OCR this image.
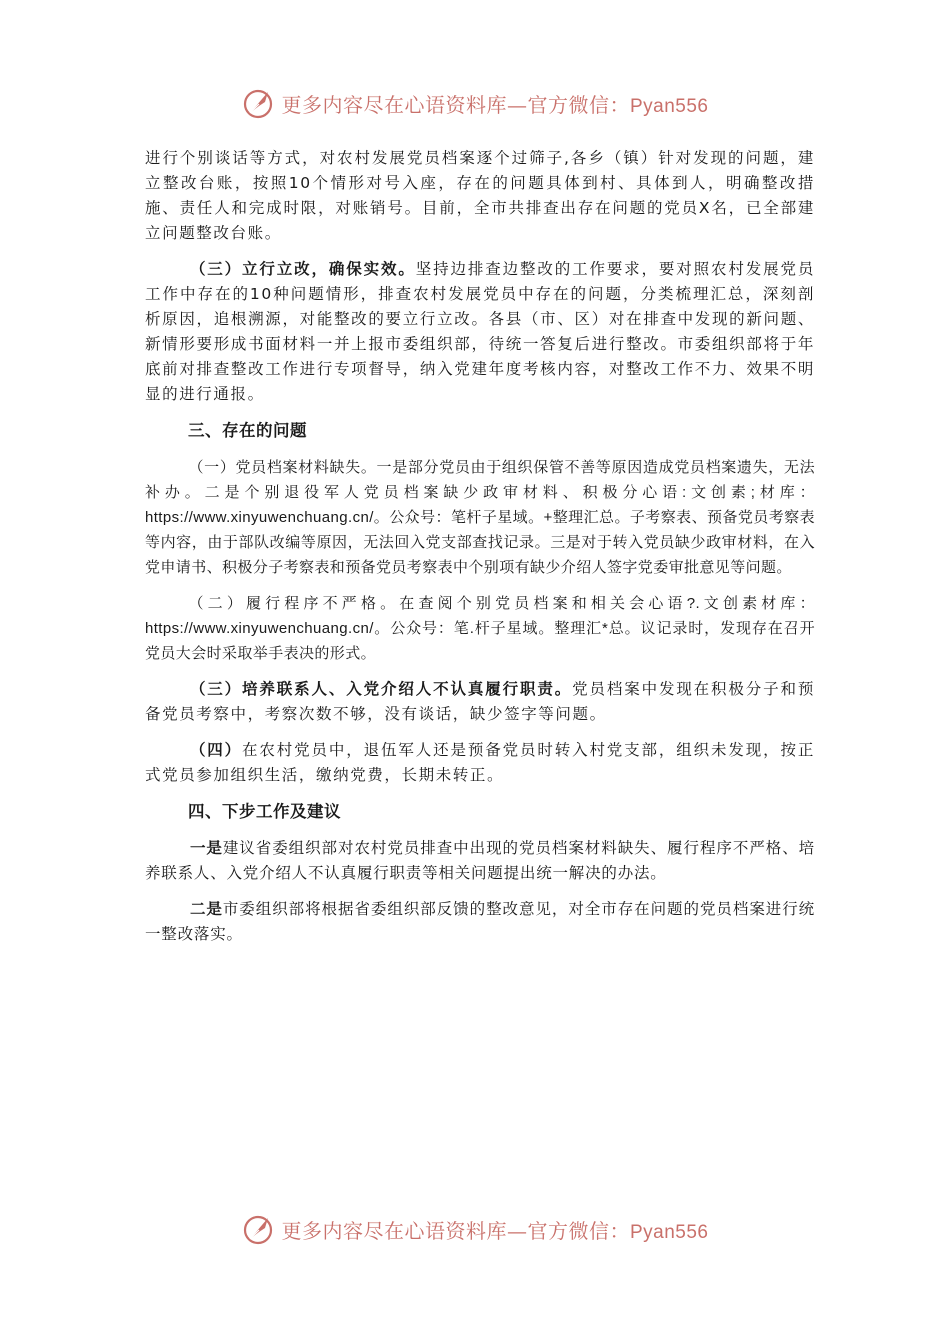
更多内容尽在心语资料库—官方微信：Pyan556

进行个别谈话等方式，对农村发展党员档案逐个过筛子,各乡（镇）针对发现的问题，建立整改台账，按照10个情形对号入座，存在的问题具体到村、具体到人，明确整改措施、责任人和完成时限，对账销号。目前，全市共排查出存在问题的党员X名，已全部建立问题整改台账。

（三）立行立改，确保实效。坚持边排查边整改的工作要求，要对照农村发展党员工作中存在的10种问题情形，排查农村发展党员中存在的问题，分类梳理汇总，深刻剖析原因，追根溯源，对能整改的要立行立改。各县（市、区）对在排查中发现的新问题、新情形要形成书面材料一并上报市委组织部，待统一答复后进行整改。市委组织部将于年底前对排查整改工作进行专项督导，纳入党建年度考核内容，对整改工作不力、效果不明显的进行通报。

三、存在的问题

（一）党员档案材料缺失。一是部分党员由于组织保管不善等原因造成党员档案遗失，无法补办。二是个别退役军人党员档案缺少政审材料、积极分心语:文创素;材库：https://www.xinyuwenchuang.cn/。公众号：笔杆子星域。+整理汇总。子考察表、预备党员考察表等内容，由于部队改编等原因，无法回入党支部查找记录。三是对于转入党员缺少政审材料，在入党申请书、积极分子考察表和预备党员考察表中个别项有缺少介绍人签字党委审批意见等问题。

（二）履行程序不严格。在查阅个别党员档案和相关会心语?.文创素材库：https://www.xinyuwenchuang.cn/。公众号：笔.杆子星域。整理汇*总。议记录时，发现存在召开党员大会时采取举手表决的形式。

（三）培养联系人、入党介绍人不认真履行职责。党员档案中发现在积极分子和预备党员考察中，考察次数不够，没有谈话，缺少签字等问题。

（四）在农村党员中，退伍军人还是预备党员时转入村党支部，组织未发现，按正式党员参加组织生活，缴纳党费，长期未转正。

四、下步工作及建议

一是建议省委组织部对农村党员排查中出现的党员档案材料缺失、履行程序不严格、培养联系人、入党介绍人不认真履行职责等相关问题提出统一解决的办法。

二是市委组织部将根据省委组织部反馈的整改意见，对全市存在问题的党员档案进行统一整改落实。

更多内容尽在心语资料库—官方微信：Pyan556
